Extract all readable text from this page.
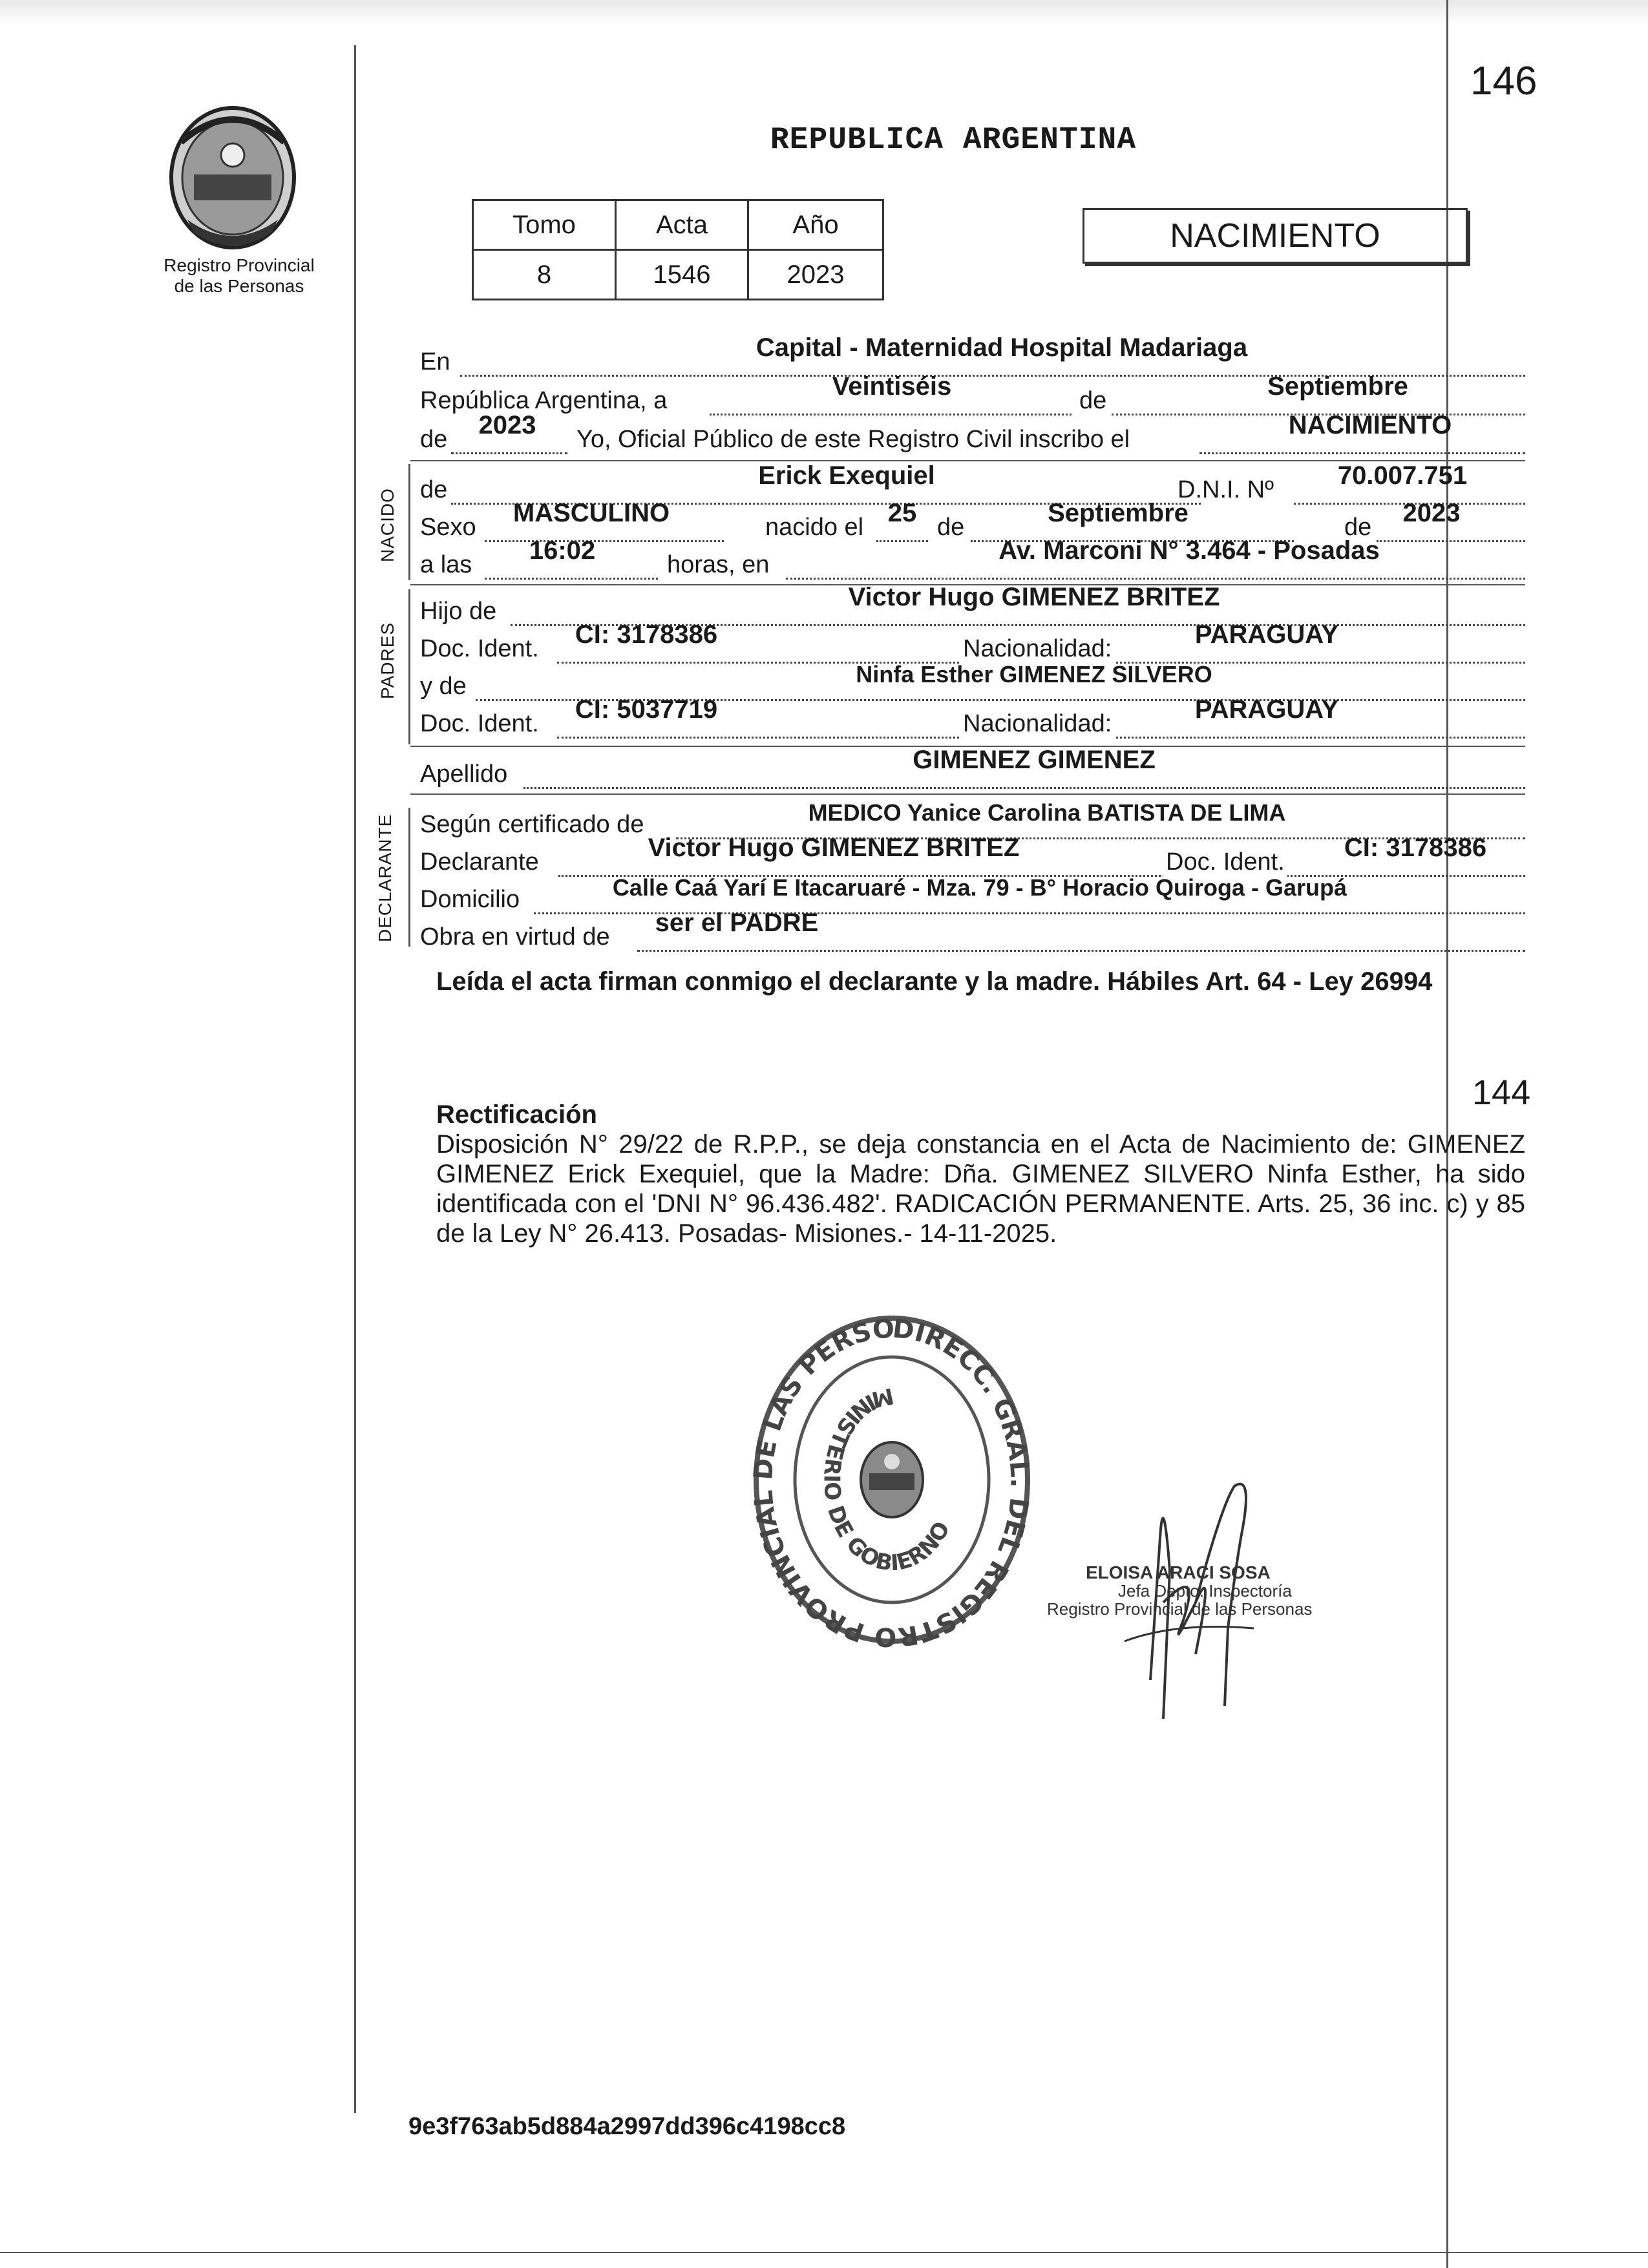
Registro Provincial
de las Personas
REPUBLICA ARGENTINA
146
Tomo	Acta	Año
8	1546	2023
NACIMIENTO
En	Capital - Maternidad Hospital Madariaga
República Argentina, a	Veintiséis	de	Septiembre
de	2023	Yo, Oficial Público de este Registro Civil inscribo el	NACIMIENTO
NACIDO de	Erick Exequiel	D.N.I. Nº	70.007.751
Sexo	MASCULINO	nacido el 25 de	Septiembre	de	2023
a las	16:02	horas, en	Av. Marconi N° 3.464 - Posadas
PADRES
Hijo de	Victor Hugo GIMENEZ BRITEZ
Doc. Ident.	CI: 3178386	Nacionalidad:	PARAGUAY
y de	Ninfa Esther GIMENEZ SILVERO
Doc. Ident.	CI: 5037719	Nacionalidad:	PARAGUAY
Apellido	GIMENEZ GIMENEZ
DECLARANTE Según certificado de	MEDICO Yanice Carolina BATISTA DE LIMA
Declarante	Victor Hugo GIMENEZ BRITEZ	Doc. Ident.	CI: 3178386
Domicilio	Calle Caá Yarí E Itacaruaré - Mza. 79 - B° Horacio Quiroga - Garupá
Obra en virtud de	ser el PADRE
Leída el acta firman conmigo el declarante y la madre. Hábiles Art. 64 - Ley 26994
144
Rectificación
Disposición N° 29/22 de R.P.P., se deja constancia en el Acta de Nacimiento de: GIMENEZ GIMENEZ Erick Exequiel, que la Madre: Dña. GIMENEZ SILVERO Ninfa Esther, ha sido identificada con el 'DNI N° 96.436.482'. RADICACIÓN PERMANENTE. Arts. 25, 36 inc. c) y 85 de la Ley N° 26.413. Posadas- Misiones.- 14-11-2025.
DIRECC. GRAL. DEL REGISTRO PROVINCIAL DE LAS PERSO
MINISTERIO DE GOBIERNO
ELOISA ARACI SOSA
Jefa Depto. Inspectoría
Registro Provincial de las Personas
9e3f763ab5d884a2997dd396c4198cc8
